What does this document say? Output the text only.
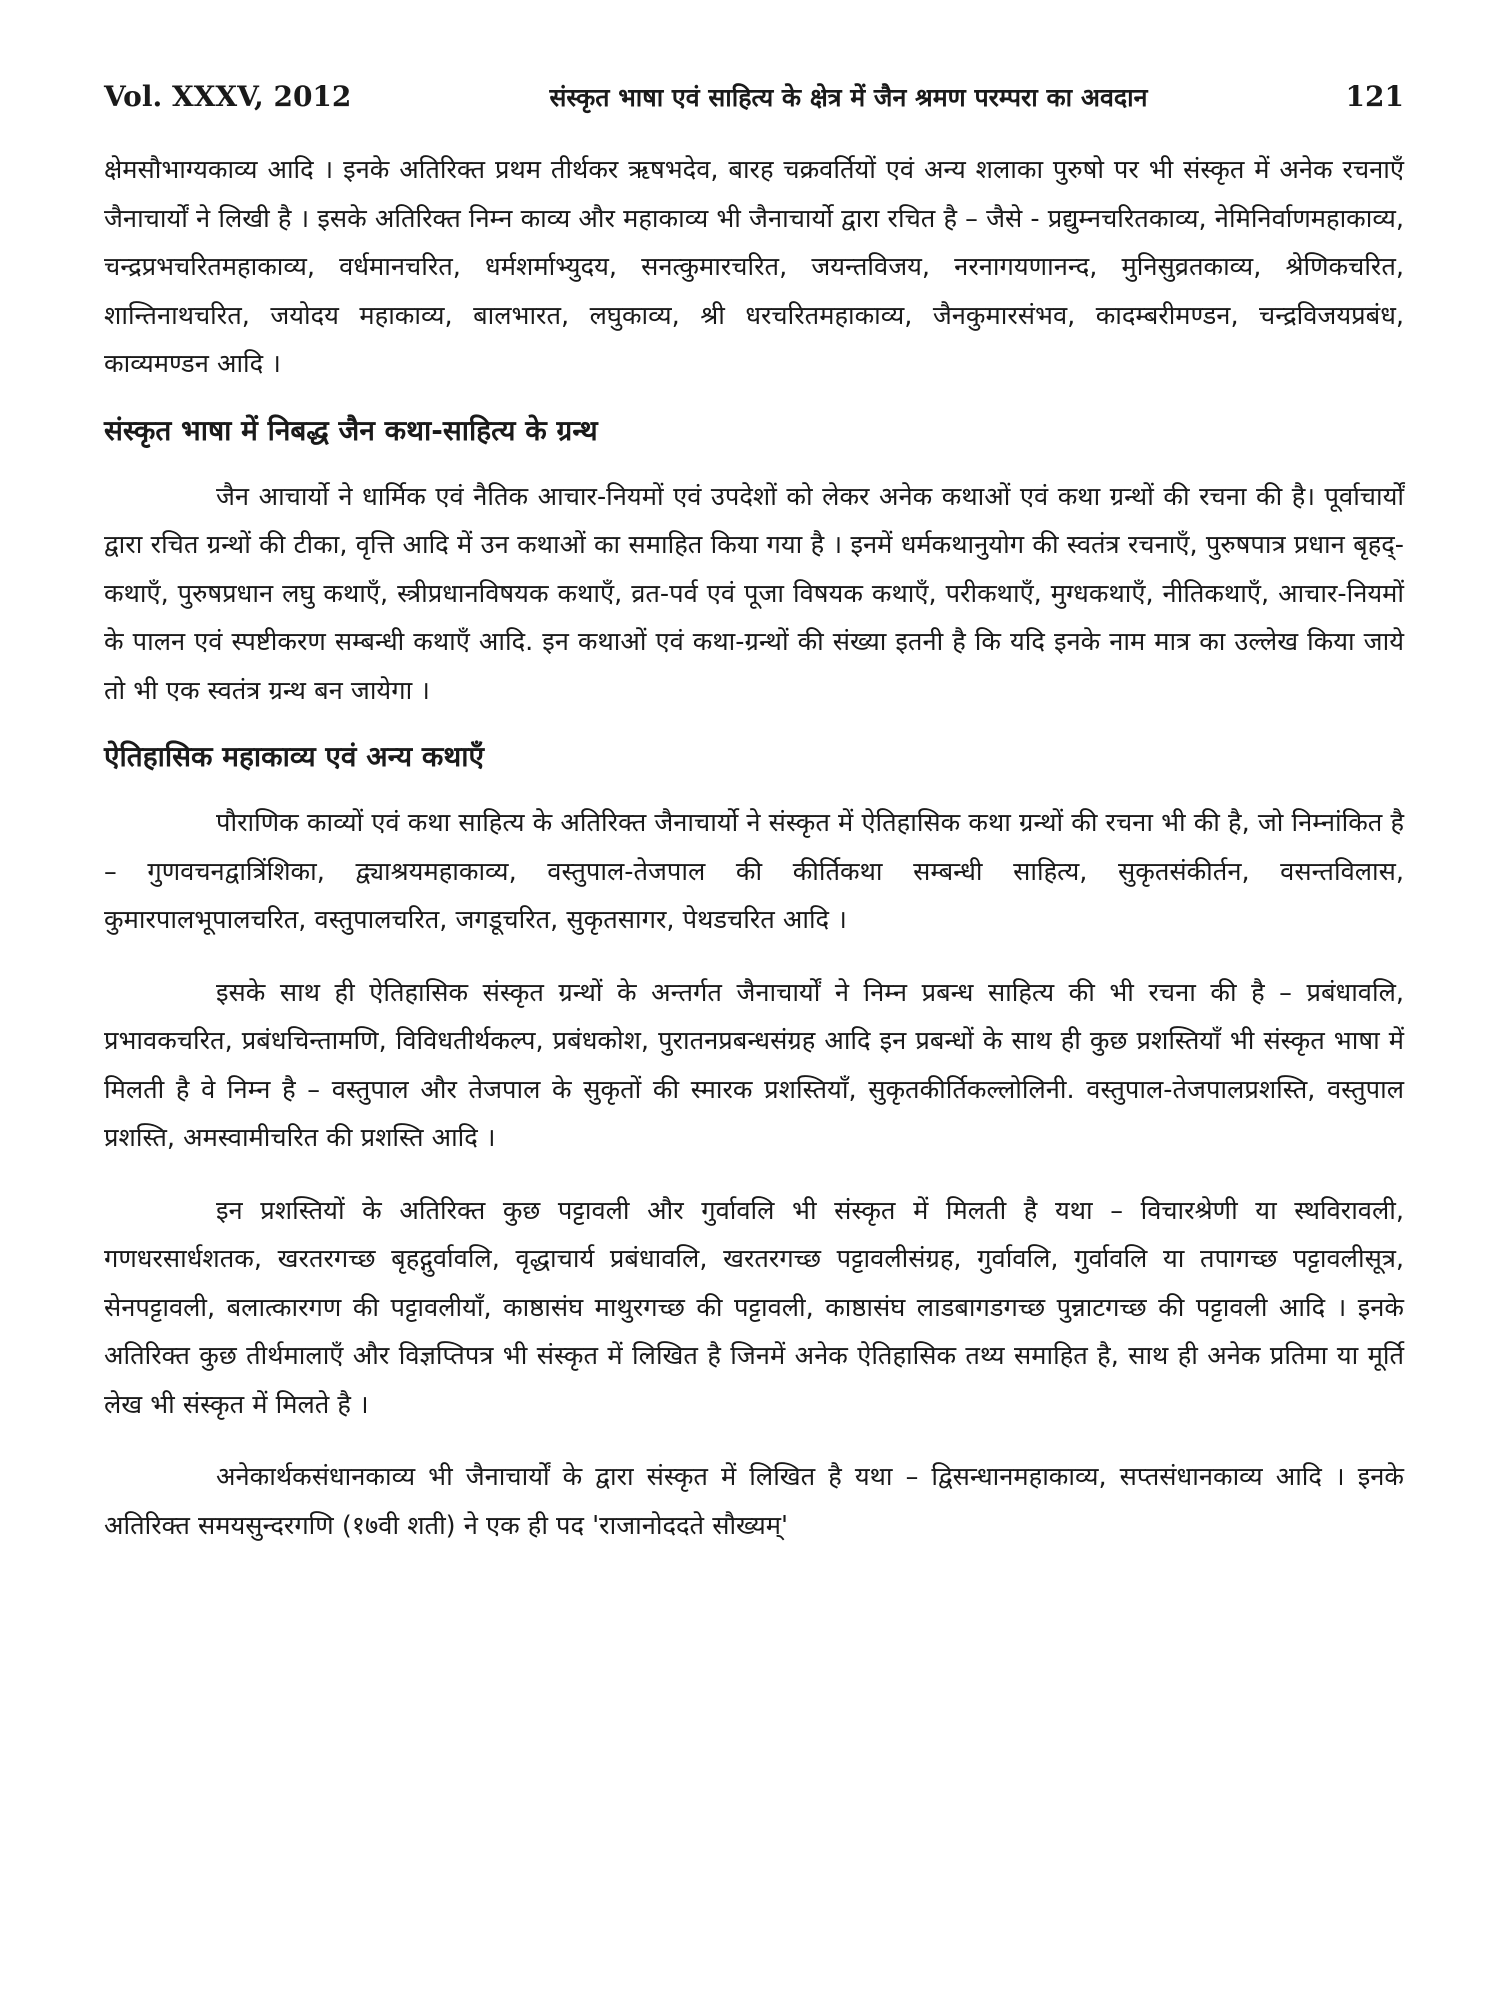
Vol. XXXV, 2012	संस्कृत भाषा एवं साहित्य के क्षेत्र में जैन श्रमण परम्परा का अवदान	121

क्षेमसौभाग्यकाव्य आदि । इनके अतिरिक्त प्रथम तीर्थकर ऋषभदेव, बारह चक्रवर्तियों एवं अन्य शलाका पुरुषो पर भी संस्कृत में अनेक रचनाएँ जैनाचार्यों ने लिखी है । इसके अतिरिक्त निम्न काव्य और महाकाव्य भी जैनाचार्यो द्वारा रचित है – जैसे - प्रद्युम्नचरितकाव्य, नेमिनिर्वाणमहाकाव्य, चन्द्रप्रभचरितमहाकाव्य, वर्धमानचरित, धर्मशर्माभ्युदय, सनत्कुमारचरित, जयन्तविजय, नरनागयणानन्द, मुनिसुव्रतकाव्य, श्रेणिकचरित, शान्तिनाथचरित, जयोदय महाकाव्य, बालभारत, लघुकाव्य, श्री धरचरितमहाकाव्य, जैनकुमारसंभव, कादम्बरीमण्डन, चन्द्रविजयप्रबंध, काव्यमण्डन आदि ।

संस्कृत भाषा में निबद्ध जैन कथा-साहित्य के ग्रन्थ

जैन आचार्यो ने धार्मिक एवं नैतिक आचार-नियमों एवं उपदेशों को लेकर अनेक कथाओं एवं कथा ग्रन्थों की रचना की है। पूर्वाचार्यों द्वारा रचित ग्रन्थों की टीका, वृत्ति आदि में उन कथाओं का समाहित किया गया है । इनमें धर्मकथानुयोग की स्वतंत्र रचनाएँ, पुरुषपात्र प्रधान बृहद्-कथाएँ, पुरुषप्रधान लघु कथाएँ, स्त्रीप्रधानविषयक कथाएँ, व्रत-पर्व एवं पूजा विषयक कथाएँ, परीकथाएँ, मुग्धकथाएँ, नीतिकथाएँ, आचार-नियमों के पालन एवं स्पष्टीकरण सम्बन्धी कथाएँ आदि. इन कथाओं एवं कथा-ग्रन्थों की संख्या इतनी है कि यदि इनके नाम मात्र का उल्लेख किया जाये तो भी एक स्वतंत्र ग्रन्थ बन जायेगा ।

ऐतिहासिक महाकाव्य एवं अन्य कथाएँ

पौराणिक काव्यों एवं कथा साहित्य के अतिरिक्त जैनाचार्यो ने संस्कृत में ऐतिहासिक कथा ग्रन्थों की रचना भी की है, जो निम्नांकित है – गुणवचनद्वात्रिंशिका, द्व्याश्रयमहाकाव्य, वस्तुपाल-तेजपाल की कीर्तिकथा सम्बन्धी साहित्य, सुकृतसंकीर्तन, वसन्तविलास, कुमारपालभूपालचरित, वस्तुपालचरित, जगडूचरित, सुकृतसागर, पेथडचरित आदि ।

इसके साथ ही ऐतिहासिक संस्कृत ग्रन्थों के अन्तर्गत जैनाचार्यों ने निम्न प्रबन्ध साहित्य की भी रचना की है – प्रबंधावलि, प्रभावकचरित, प्रबंधचिन्तामणि, विविधतीर्थकल्प, प्रबंधकोश, पुरातनप्रबन्धसंग्रह आदि इन प्रबन्धों के साथ ही कुछ प्रशस्तियाँ भी संस्कृत भाषा में मिलती है वे निम्न है – वस्तुपाल और तेजपाल के सुकृतों की स्मारक प्रशस्तियाँ, सुकृतकीर्तिकल्लोलिनी. वस्तुपाल-तेजपालप्रशस्ति, वस्तुपाल प्रशस्ति, अमस्वामीचरित की प्रशस्ति आदि ।

इन प्रशस्तियों के अतिरिक्त कुछ पट्टावली और गुर्वावलि भी संस्कृत में मिलती है यथा – विचारश्रेणी या स्थविरावली, गणधरसार्धशतक, खरतरगच्छ बृहद्गुर्वावलि, वृद्धाचार्य प्रबंधावलि, खरतरगच्छ पट्टावलीसंग्रह, गुर्वावलि, गुर्वावलि या तपागच्छ पट्टावलीसूत्र, सेनपट्टावली, बलात्कारगण की पट्टावलीयाँ, काष्ठासंघ माथुरगच्छ की पट्टावली, काष्ठासंघ लाडबागडगच्छ पुन्नाटगच्छ की पट्टावली आदि । इनके अतिरिक्त कुछ तीर्थमालाएँ और विज्ञप्तिपत्र भी संस्कृत में लिखित है जिनमें अनेक ऐतिहासिक तथ्य समाहित है, साथ ही अनेक प्रतिमा या मूर्ति लेख भी संस्कृत में मिलते है ।

अनेकार्थकसंधानकाव्य भी जैनाचार्यों के द्वारा संस्कृत में लिखित है यथा – द्विसन्धानमहाकाव्य, सप्तसंधानकाव्य आदि । इनके अतिरिक्त समयसुन्दरगणि (१७वी शती) ने एक ही पद 'राजानोददते सौख्यम्'
